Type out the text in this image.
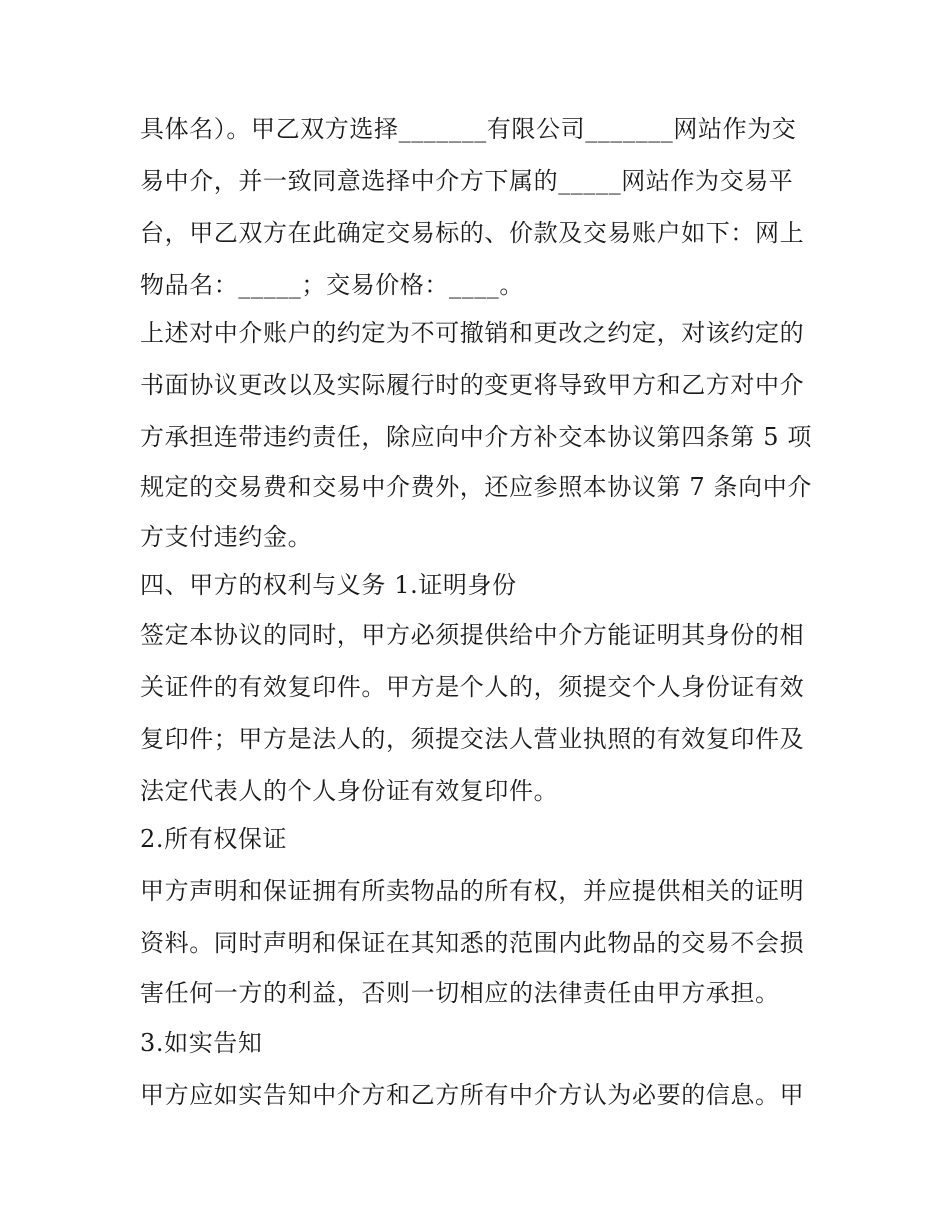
具体名）。甲乙双方选择_______有限公司_______网站作为交
易中介，并一致同意选择中介方下属的_____网站作为交易平
台，甲乙双方在此确定交易标的、价款及交易账户如下：网上
物品名：_____；交易价格：____。
上述对中介账户的约定为不可撤销和更改之约定，对该约定的
书面协议更改以及实际履行时的变更将导致甲方和乙方对中介
方承担连带违约责任，除应向中介方补交本协议第四条第 5 项
规定的交易费和交易中介费外，还应参照本协议第 7 条向中介
方支付违约金。
四、甲方的权利与义务 1.证明身份
签定本协议的同时，甲方必须提供给中介方能证明其身份的相
关证件的有效复印件。甲方是个人的，须提交个人身份证有效
复印件；甲方是法人的，须提交法人营业执照的有效复印件及
法定代表人的个人身份证有效复印件。
2.所有权保证
甲方声明和保证拥有所卖物品的所有权，并应提供相关的证明
资料。同时声明和保证在其知悉的范围内此物品的交易不会损
害任何一方的利益，否则一切相应的法律责任由甲方承担。
3.如实告知
甲方应如实告知中介方和乙方所有中介方认为必要的信息。甲
